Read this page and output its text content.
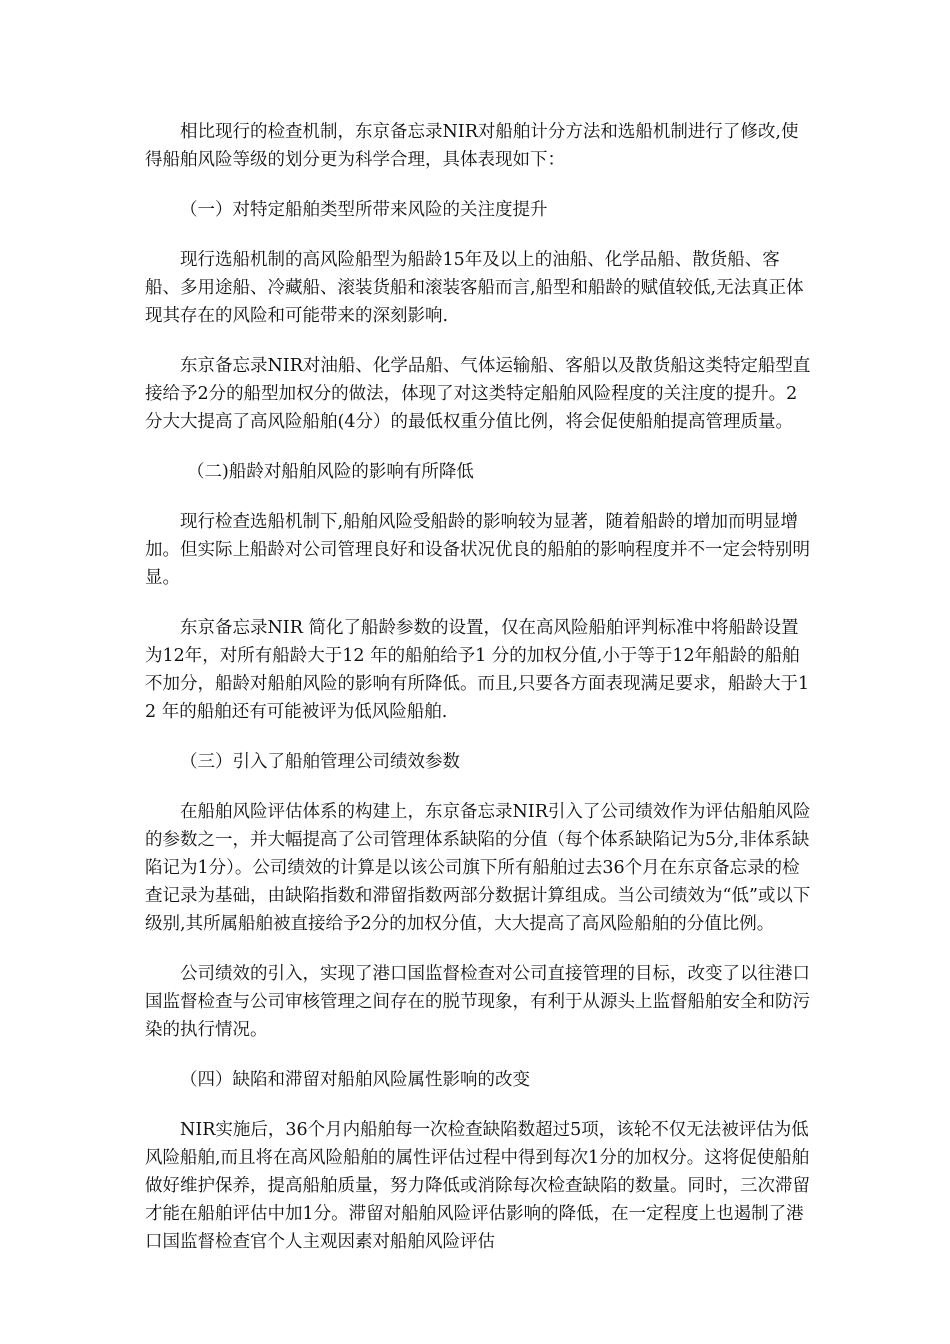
相比现行的检查机制，东京备忘录NIR对船舶计分方法和选船机制进行了修改,使得船舶风险等级的划分更为科学合理，具体表现如下：

（一）对特定船舶类型所带来风险的关注度提升

现行选船机制的高风险船型为船龄15年及以上的油船、化学品船、散货船、客船、多用途船、冷藏船、滚装货船和滚装客船而言,船型和船龄的赋值较低,无法真正体现其存在的风险和可能带来的深刻影响.

东京备忘录NIR对油船、化学品船、气体运输船、客船以及散货船这类特定船型直接给予2分的船型加权分的做法，体现了对这类特定船舶风险程度的关注度的提升。2分大大提高了高风险船舶(4分）的最低权重分值比例，将会促使船舶提高管理质量。

（二)船龄对船舶风险的影响有所降低

现行检查选船机制下,船舶风险受船龄的影响较为显著，随着船龄的增加而明显增加。但实际上船龄对公司管理良好和设备状况优良的船舶的影响程度并不一定会特别明显。

东京备忘录NIR 简化了船龄参数的设置，仅在高风险船舶评判标准中将船龄设置为12年，对所有船龄大于12 年的船舶给予1 分的加权分值,小于等于12年船龄的船舶不加分，船龄对船舶风险的影响有所降低。而且,只要各方面表现满足要求，船龄大于12 年的船舶还有可能被评为低风险船舶.

（三）引入了船舶管理公司绩效参数

在船舶风险评估体系的构建上，东京备忘录NIR引入了公司绩效作为评估船舶风险的参数之一，并大幅提高了公司管理体系缺陷的分值（每个体系缺陷记为5分,非体系缺陷记为1分）。公司绩效的计算是以该公司旗下所有船舶过去36个月在东京备忘录的检查记录为基础，由缺陷指数和滞留指数两部分数据计算组成。当公司绩效为“低”或以下级别,其所属船舶被直接给予2分的加权分值，大大提高了高风险船舶的分值比例。

公司绩效的引入，实现了港口国监督检查对公司直接管理的目标，改变了以往港口国监督检查与公司审核管理之间存在的脱节现象，有利于从源头上监督船舶安全和防污染的执行情况。

（四）缺陷和滞留对船舶风险属性影响的改变

NIR实施后，36个月内船舶每一次检查缺陷数超过5项，该轮不仅无法被评估为低风险船舶,而且将在高风险船舶的属性评估过程中得到每次1分的加权分。这将促使船舶做好维护保养，提高船舶质量，努力降低或消除每次检查缺陷的数量。同时，三次滞留才能在船舶评估中加1分。滞留对船舶风险评估影响的降低，在一定程度上也遏制了港口国监督检查官个人主观因素对船舶风险评估
